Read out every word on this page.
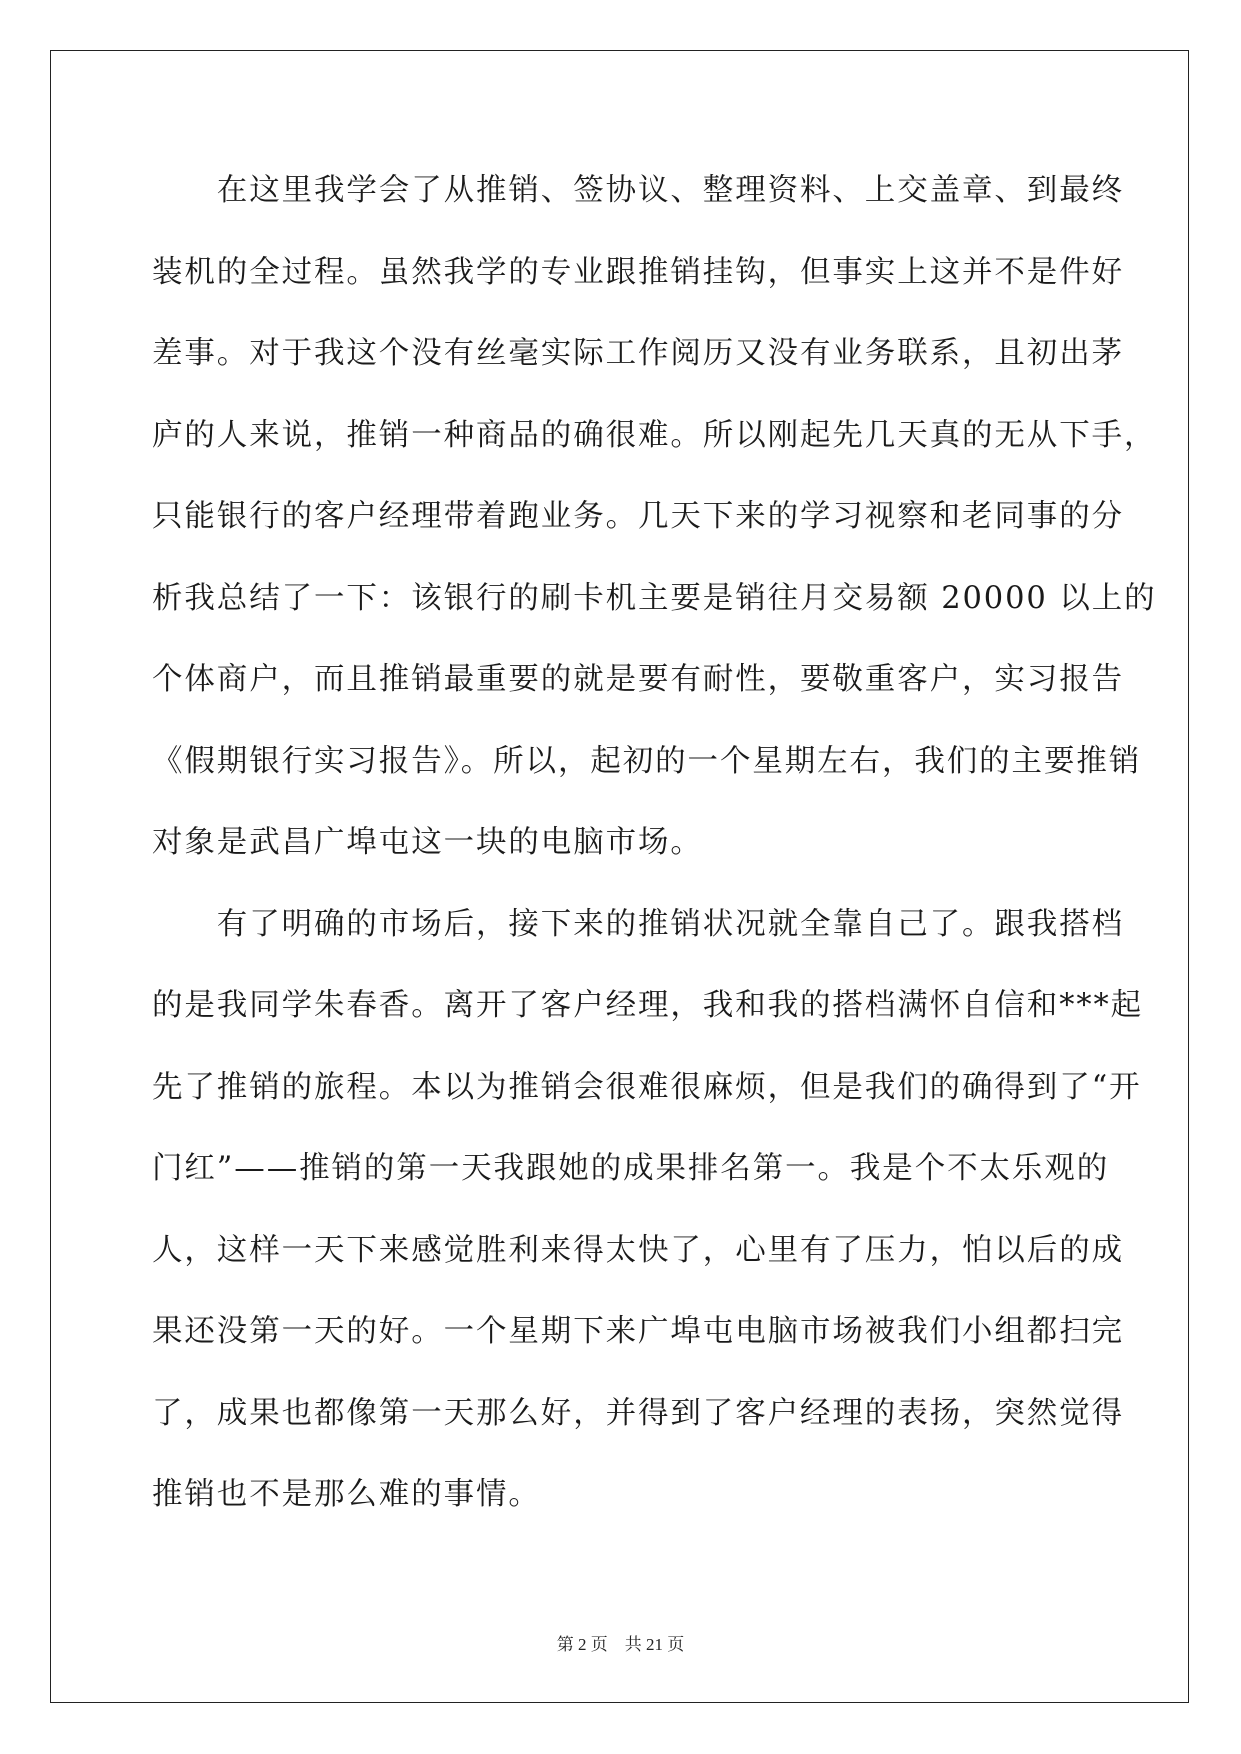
　　在这里我学会了从推销、签协议、整理资料、上交盖章、到最终
装机的全过程。虽然我学的专业跟推销挂钩，但事实上这并不是件好
差事。对于我这个没有丝毫实际工作阅历又没有业务联系，且初出茅
庐的人来说，推销一种商品的确很难。所以刚起先几天真的无从下手，
只能银行的客户经理带着跑业务。几天下来的学习视察和老同事的分
析我总结了一下：该银行的刷卡机主要是销往月交易额 20000 以上的
个体商户，而且推销最重要的就是要有耐性，要敬重客户，实习报告
《假期银行实习报告》。所以，起初的一个星期左右，我们的主要推销
对象是武昌广埠屯这一块的电脑市场。
　　有了明确的市场后，接下来的推销状况就全靠自己了。跟我搭档
的是我同学朱春香。离开了客户经理，我和我的搭档满怀自信和***起
先了推销的旅程。本以为推销会很难很麻烦，但是我们的确得到了“开
门红”——推销的第一天我跟她的成果排名第一。我是个不太乐观的
人，这样一天下来感觉胜利来得太快了，心里有了压力，怕以后的成
果还没第一天的好。一个星期下来广埠屯电脑市场被我们小组都扫完
了，成果也都像第一天那么好，并得到了客户经理的表扬，突然觉得
推销也不是那么难的事情。
第 2 页    共 21 页
